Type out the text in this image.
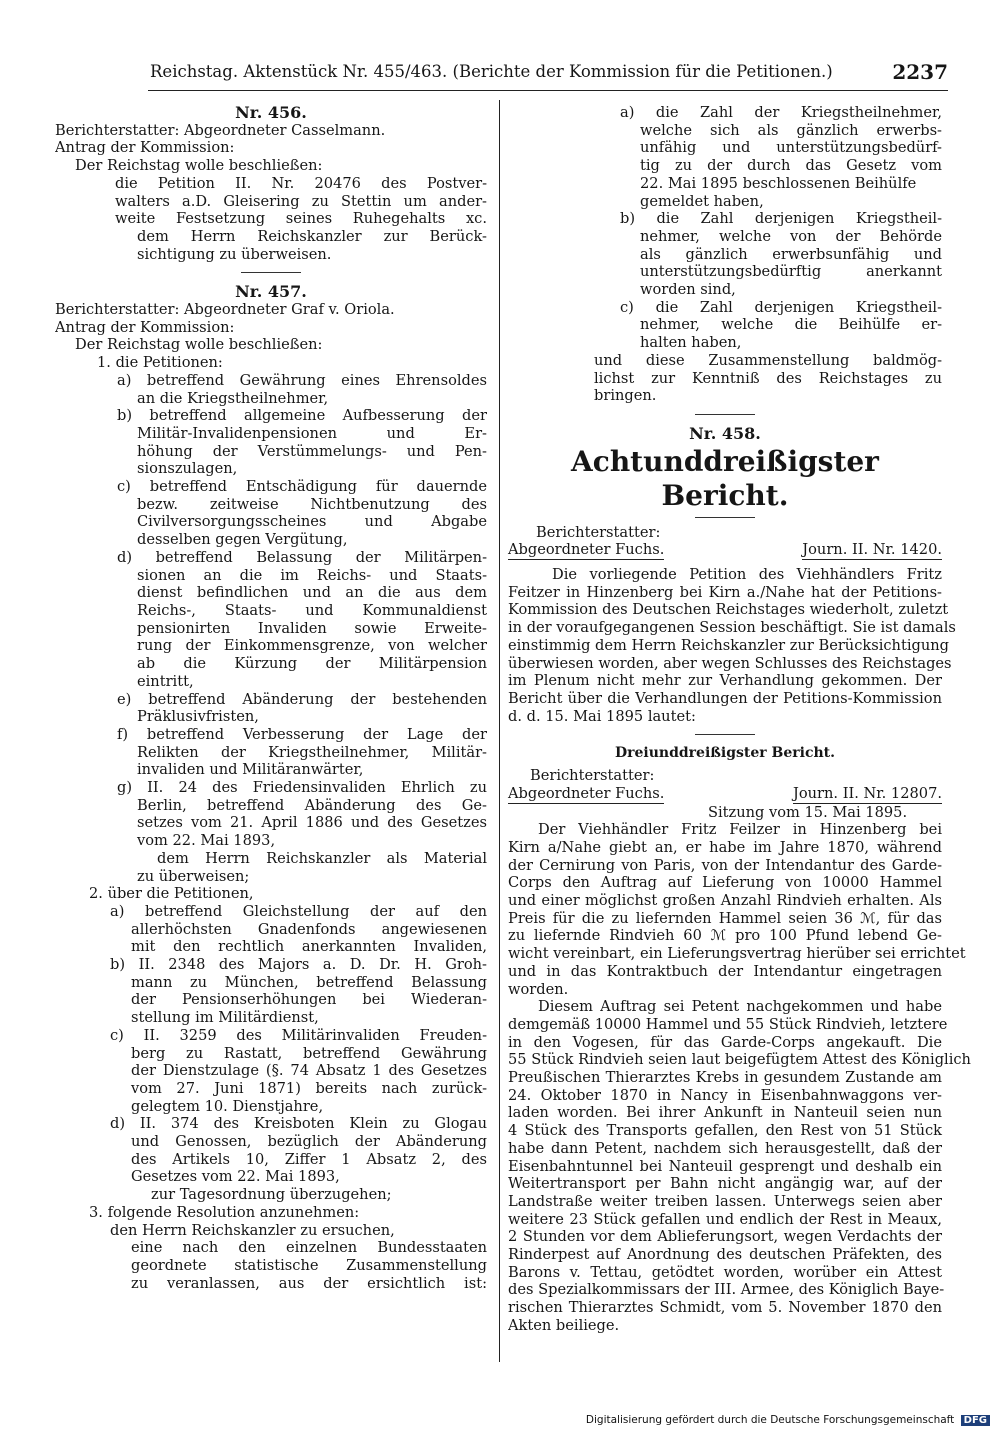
Reichstag. Aktenstück Nr. 455/463. (Berichte der Kommission für die Petitionen.)	2237
Nr. 456.
Berichterstatter: Abgeordneter Casselmann.
Antrag der Kommission:
Der Reichstag wolle beschließen:
die Petition II. Nr. 20476 des Postver-
walters a.D. Gleisering zu Stettin um ander-
weite Festsetzung seines Ruhegehalts xc.
dem Herrn Reichskanzler zur Berück-
sichtigung zu überweisen.
Nr. 457.
Berichterstatter: Abgeordneter Graf v. Oriola.
Antrag der Kommission:
Der Reichstag wolle beschließen:
1. die Petitionen:
a) betreffend Gewährung eines Ehrensoldes
an die Kriegstheilnehmer,
b) betreffend allgemeine Aufbesserung der
Militär-Invalidenpensionen und Er-
höhung der Verstümmelungs- und Pen-
sionszulagen,
c) betreffend Entschädigung für dauernde
bezw. zeitweise Nichtbenutzung des
Civilversorgungsscheines und Abgabe
desselben gegen Vergütung,
d) betreffend Belassung der Militärpen-
sionen an die im Reichs- und Staats-
dienst befindlichen und an die aus dem
Reichs-, Staats- und Kommunaldienst
pensionirten Invaliden sowie Erweite-
rung der Einkommensgrenze, von welcher
ab die Kürzung der Militärpension
eintritt,
e) betreffend Abänderung der bestehenden
Präklusivfristen,
f) betreffend Verbesserung der Lage der
Relikten der Kriegstheilnehmer, Militär-
invaliden und Militäranwärter,
g) II. 24 des Friedensinvaliden Ehrlich zu
Berlin, betreffend Abänderung des Ge-
setzes vom 21. April 1886 und des Gesetzes
vom 22. Mai 1893,
dem Herrn Reichskanzler als Material
zu überweisen;
2. über die Petitionen,
a) betreffend Gleichstellung der auf den
allerhöchsten Gnadenfonds angewiesenen
mit den rechtlich anerkannten Invaliden,
b) II. 2348 des Majors a. D. Dr. H. Groh-
mann zu München, betreffend Belassung
der Pensionserhöhungen bei Wiederan-
stellung im Militärdienst,
c) II. 3259 des Militärinvaliden Freuden-
berg zu Rastatt, betreffend Gewährung
der Dienstzulage (§. 74 Absatz 1 des Gesetzes
vom 27. Juni 1871) bereits nach zurück-
gelegtem 10. Dienstjahre,
d) II. 374 des Kreisboten Klein zu Glogau
und Genossen, bezüglich der Abänderung
des Artikels 10, Ziffer 1 Absatz 2, des
Gesetzes vom 22. Mai 1893,
zur Tagesordnung überzugehen;
3. folgende Resolution anzunehmen:
den Herrn Reichskanzler zu ersuchen,
eine nach den einzelnen Bundesstaaten
geordnete statistische Zusammenstellung
zu veranlassen, aus der ersichtlich ist:
a) die Zahl der Kriegstheilnehmer,
welche sich als gänzlich erwerbs-
unfähig und unterstützungsbedürf-
tig zu der durch das Gesetz vom
22. Mai 1895 beschlossenen Beihülfe
gemeldet haben,
b) die Zahl derjenigen Kriegstheil-
nehmer, welche von der Behörde
als gänzlich erwerbsunfähig und
unterstützungsbedürftig anerkannt
worden sind,
c) die Zahl derjenigen Kriegstheil-
nehmer, welche die Beihülfe er-
halten haben,
und diese Zusammenstellung baldmög-
lichst zur Kenntniß des Reichstages zu
bringen.
Nr. 458.
Achtunddreißigster Bericht.
Berichterstatter:
Abgeordneter Fuchs.	Journ. II. Nr. 1420.
Die vorliegende Petition des Viehhändlers Fritz
Feitzer in Hinzenberg bei Kirn a./Nahe hat der Petitions-
Kommission des Deutschen Reichstages wiederholt, zuletzt
in der voraufgegangenen Session beschäftigt. Sie ist damals
einstimmig dem Herrn Reichskanzler zur Berücksichtigung
überwiesen worden, aber wegen Schlusses des Reichstages
im Plenum nicht mehr zur Verhandlung gekommen. Der
Bericht über die Verhandlungen der Petitions-Kommission
d. d. 15. Mai 1895 lautet:
Dreiunddreißigster Bericht.
Berichterstatter:
Abgeordneter Fuchs.	Journ. II. Nr. 12807.
Sitzung vom 15. Mai 1895.
Der Viehhändler Fritz Feilzer in Hinzenberg bei
Kirn a/Nahe giebt an, er habe im Jahre 1870, während
der Cernirung von Paris, von der Intendantur des Garde-
Corps den Auftrag auf Lieferung von 10000 Hammel
und einer möglichst großen Anzahl Rindvieh erhalten. Als
Preis für die zu liefernden Hammel seien 36 ℳ, für das
zu liefernde Rindvieh 60 ℳ pro 100 Pfund lebend Ge-
wicht vereinbart, ein Lieferungsvertrag hierüber sei errichtet
und in das Kontraktbuch der Intendantur eingetragen
worden.
Diesem Auftrag sei Petent nachgekommen und habe
demgemäß 10000 Hammel und 55 Stück Rindvieh, letztere
in den Vogesen, für das Garde-Corps angekauft. Die
55 Stück Rindvieh seien laut beigefügtem Attest des Königlich
Preußischen Thierarztes Krebs in gesundem Zustande am
24. Oktober 1870 in Nancy in Eisenbahnwaggons ver-
laden worden. Bei ihrer Ankunft in Nanteuil seien nun
4 Stück des Transports gefallen, den Rest von 51 Stück
habe dann Petent, nachdem sich herausgestellt, daß der
Eisenbahntunnel bei Nanteuil gesprengt und deshalb ein
Weitertransport per Bahn nicht angängig war, auf der
Landstraße weiter treiben lassen. Unterwegs seien aber
weitere 23 Stück gefallen und endlich der Rest in Meaux,
2 Stunden vor dem Ablieferungsort, wegen Verdachts der
Rinderpest auf Anordnung des deutschen Präfekten, des
Barons v. Tettau, getödtet worden, worüber ein Attest
des Spezialkommissars der III. Armee, des Königlich Baye-
rischen Thierarztes Schmidt, vom 5. November 1870 den
Akten beiliege.
Digitalisierung gefördert durch die Deutsche Forschungsgemeinschaft DFG
